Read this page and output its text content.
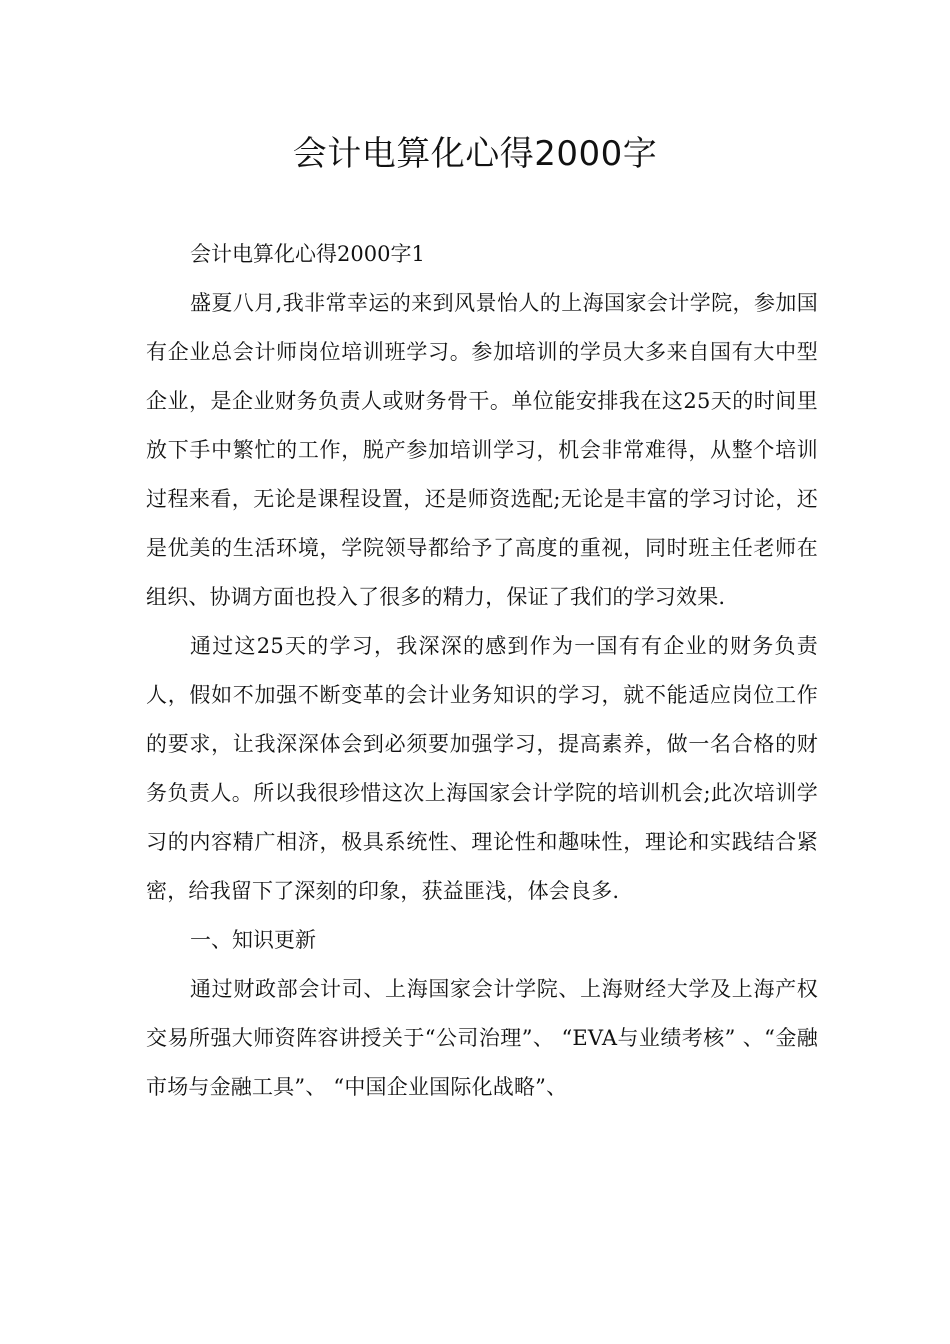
会计电算化心得2000字

会计电算化心得2000字1

盛夏八月,我非常幸运的来到风景怡人的上海国家会计学院，参加国有企业总会计师岗位培训班学习。参加培训的学员大多来自国有大中型企业，是企业财务负责人或财务骨干。单位能安排我在这25天的时间里放下手中繁忙的工作，脱产参加培训学习，机会非常难得，从整个培训过程来看，无论是课程设置，还是师资选配;无论是丰富的学习讨论，还是优美的生活环境，学院领导都给予了高度的重视，同时班主任老师在组织、协调方面也投入了很多的精力，保证了我们的学习效果.

通过这25天的学习，我深深的感到作为一国有有企业的财务负责人，假如不加强不断变革的会计业务知识的学习，就不能适应岗位工作的要求，让我深深体会到必须要加强学习，提高素养，做一名合格的财务负责人。所以我很珍惜这次上海国家会计学院的培训机会;此次培训学习的内容精广相济，极具系统性、理论性和趣味性，理论和实践结合紧密，给我留下了深刻的印象，获益匪浅，体会良多.

一、知识更新

通过财政部会计司、上海国家会计学院、上海财经大学及上海产权交易所强大师资阵容讲授关于“公司治理”、 “EVA与业绩考核” 、“金融市场与金融工具”、 “中国企业国际化战略”、
